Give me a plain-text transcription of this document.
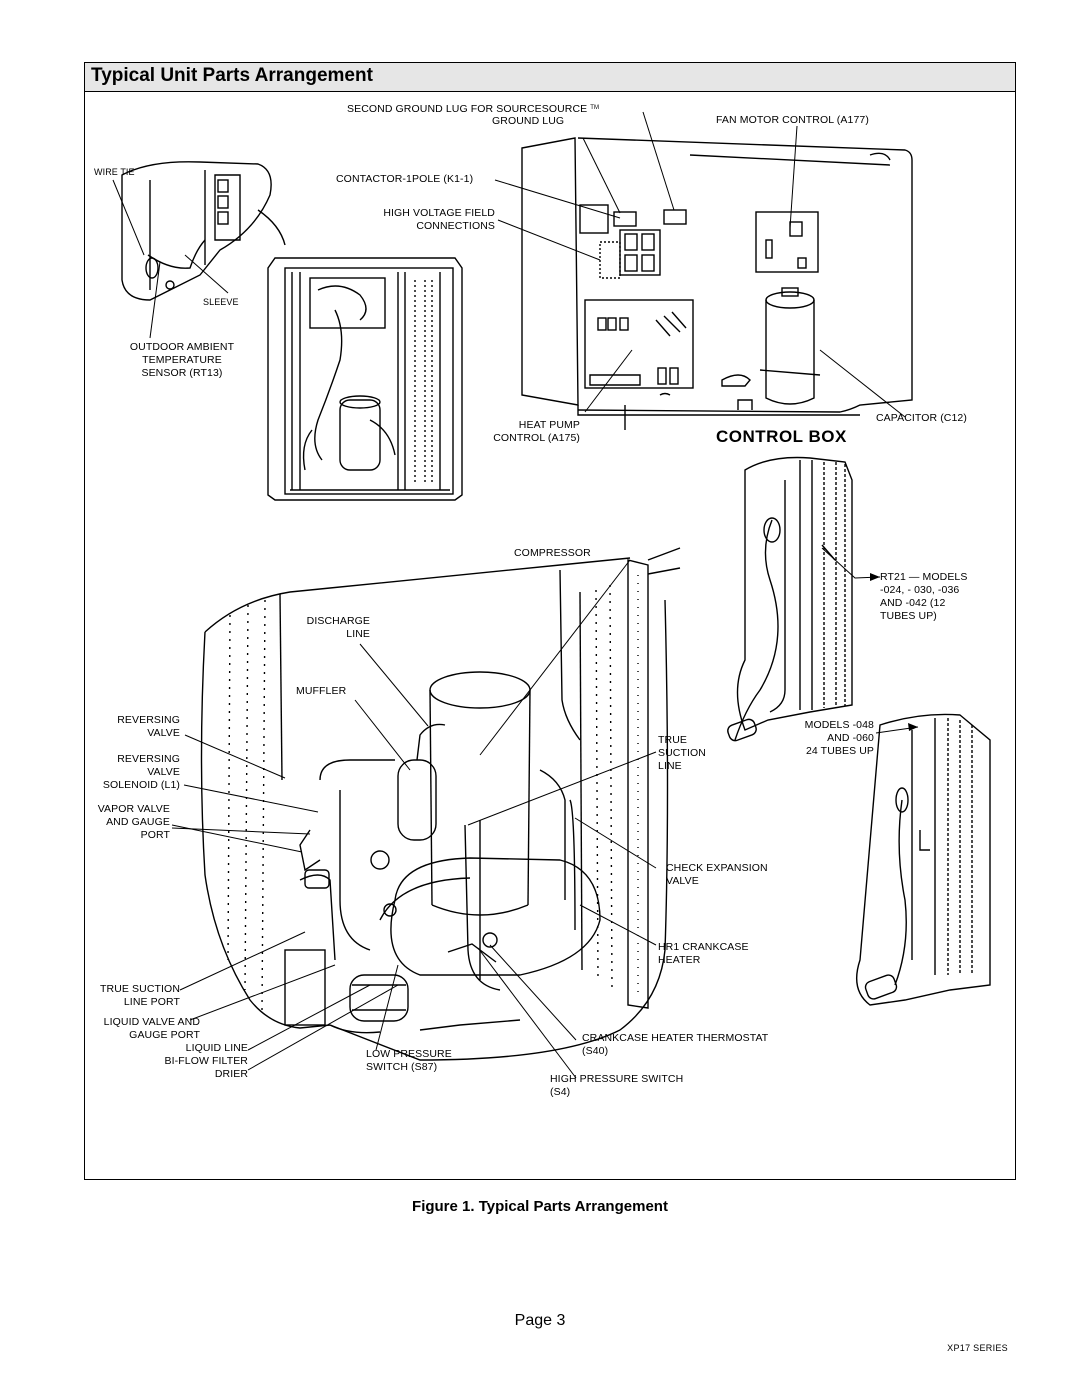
Typical Unit Parts Arrangement
SECOND GROUND LUG FOR SOURCESOURCE ™
GROUND LUG	FAN MOTOR CONTROL (A177)
WIRE TIE
CONTACTOR-1POLE (K1-1)
HIGH VOLTAGE FIELD
CONNECTIONS
SLEEVE
OUTDOOR AMBIENT
TEMPERATURE
SENSOR (RT13)
HEAT PUMP
CONTROL (A175)
CAPACITOR (C12)
CONTROL BOX
COMPRESSOR
RT21 — MODELS
-024, - 030, -036
AND -042 (12
TUBES UP)
DISCHARGE
LINE
MUFFLER
REVERSING
VALVE
MODELS -048
AND -060
24 TUBES UP
REVERSING
VALVE
SOLENOID (L1)
TRUE
SUCTION
LINE
VAPOR VALVE
AND GAUGE
PORT
CHECK EXPANSION
VALVE
HR1 CRANKCASE
HEATER
TRUE SUCTION
LINE PORT
LIQUID VALVE AND
GAUGE PORT
LIQUID LINE
BI-FLOW FILTER
DRIER
LOW PRESSURE
SWITCH (S87)
CRANKCASE HEATER THERMOSTAT
(S40)
HIGH PRESSURE SWITCH
(S4)
Figure 1. Typical Parts Arrangement
Page 3
XP17 SERIES
